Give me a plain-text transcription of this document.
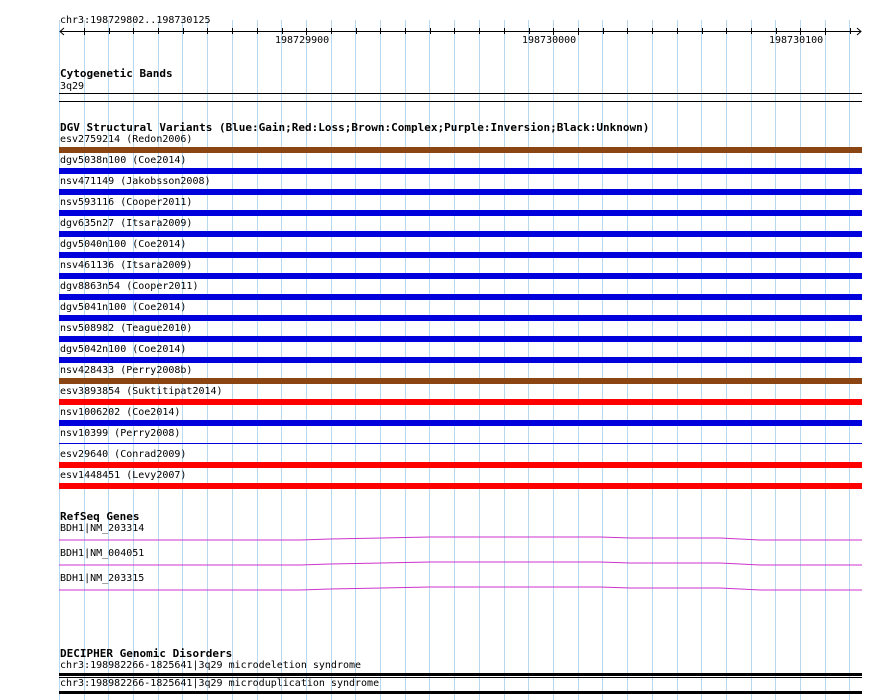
chr3:198729802..198730125
198729900	198730000	198730100
Cytogenetic Bands
3q29
DGV Structural Variants (Blue:Gain;Red:Loss;Brown:Complex;Purple:Inversion;Black:Unknown)
esv2759214 (Redon2006)
dgv5038n100 (Coe2014)
nsv471149 (Jakobsson2008)
nsv593116 (Cooper2011)
dgv635n27 (Itsara2009)
dgv5040n100 (Coe2014)
nsv461136 (Itsara2009)
dgv8863n54 (Cooper2011)
dgv5041n100 (Coe2014)
nsv508982 (Teague2010)
dgv5042n100 (Coe2014)
nsv428433 (Perry2008b)
esv3893854 (Suktitipat2014)
nsv1006202 (Coe2014)
nsv10399 (Perry2008)
esv29640 (Conrad2009)
esv1448451 (Levy2007)
RefSeq Genes
BDH1|NM_203314
BDH1|NM_004051
BDH1|NM_203315
DECIPHER Genomic Disorders
chr3:198982266-1825641|3q29 microdeletion syndrome
chr3:198982266-1825641|3q29 microduplication syndrome
